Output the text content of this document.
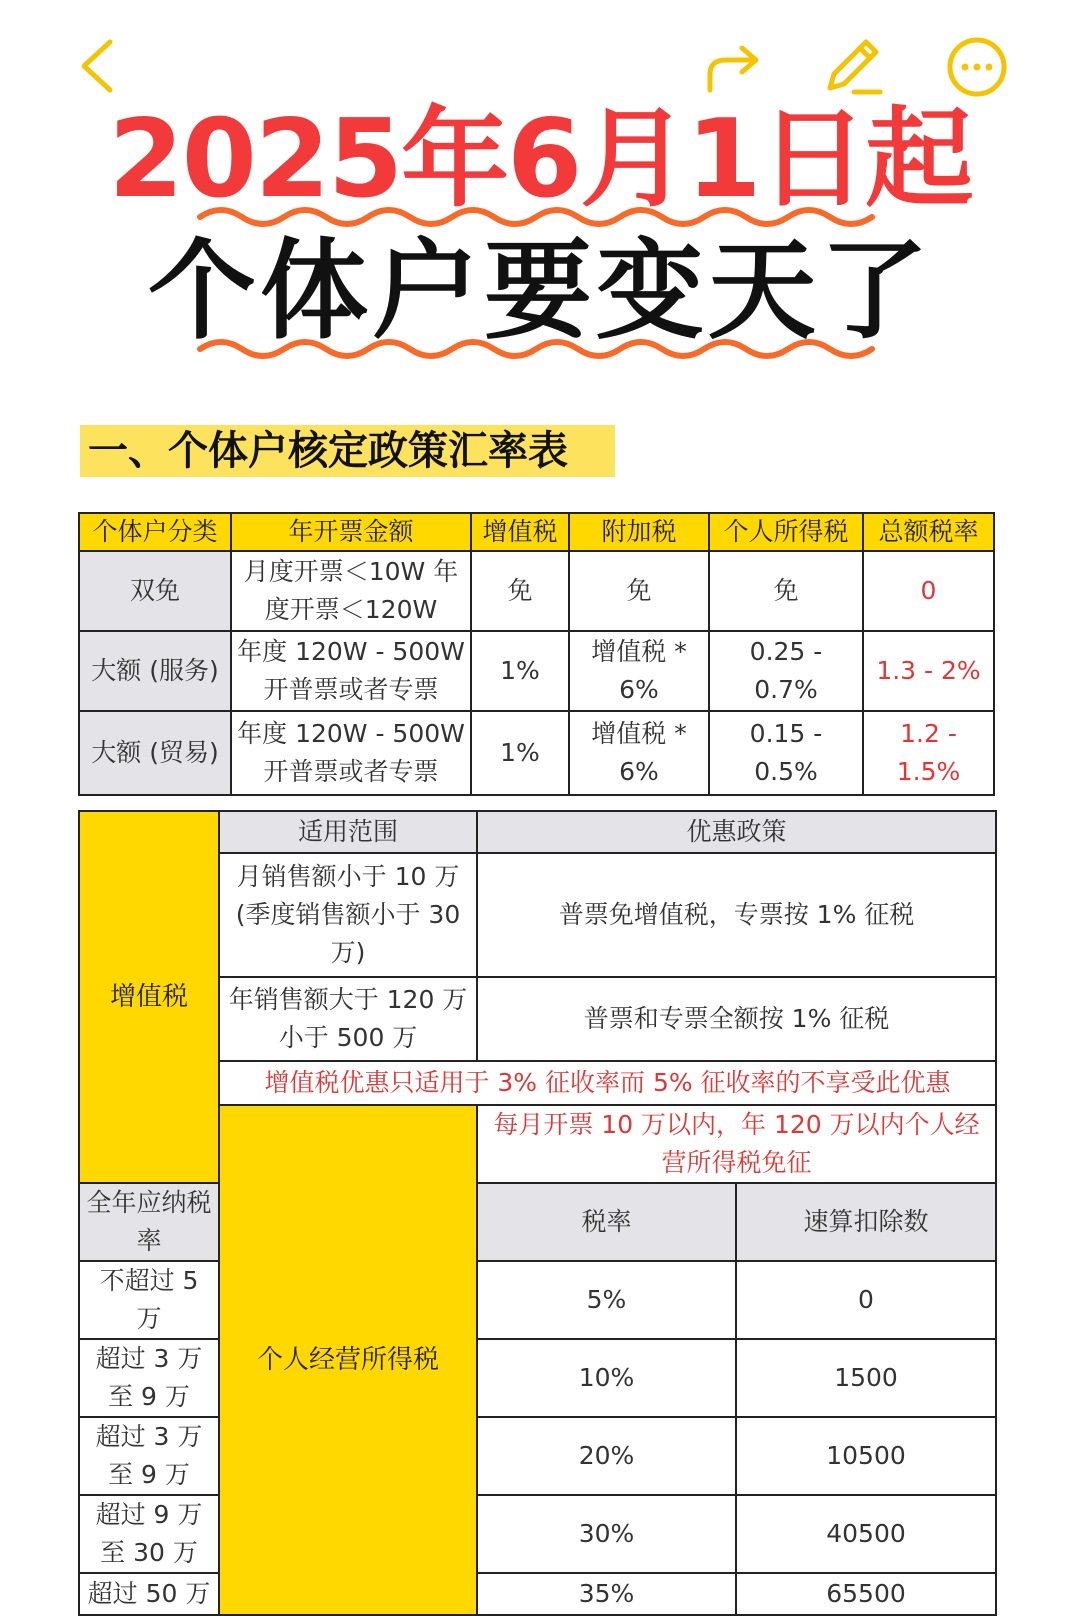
2025年6月1日起
个体户要变天了
一、个体户核定政策汇率表
个体户分类	年开票金额	增值税	附加税	个人所得税	总额税率
双免	月度开票＜10W 年度开票＜120W	免	免	免	0
大额 (服务)	年度 120W - 500W 开普票或者专票	1%	增值税 * 6%	0.25 - 0.7%	1.3 - 2%
大额 (贸易)	年度 120W - 500W 开普票或者专票	1%	增值税 * 6%	0.15 - 0.5%	1.2 - 1.5%
增值税	适用范围	优惠政策	
	月销售额小于 10 万 (季度销售额小于 30 万)	普票免增值税，专票按 1% 征税	
	年销售额大于 120 万小于 500 万	普票和专票全额按 1% 征税	
	增值税优惠只适用于 3% 征收率而 5% 征收率的不享受此优惠		
	个人经营所得税	每月开票 10 万以内，年 120 万以内个人经营所得税免征	
全年应纳税率		税率	速算扣除数
不超过 5 万		5%	0
超过 3 万至 9 万		10%	1500
超过 3 万至 9 万		20%	10500
超过 9 万至 30 万		30%	40500
超过 50 万		35%	65500
